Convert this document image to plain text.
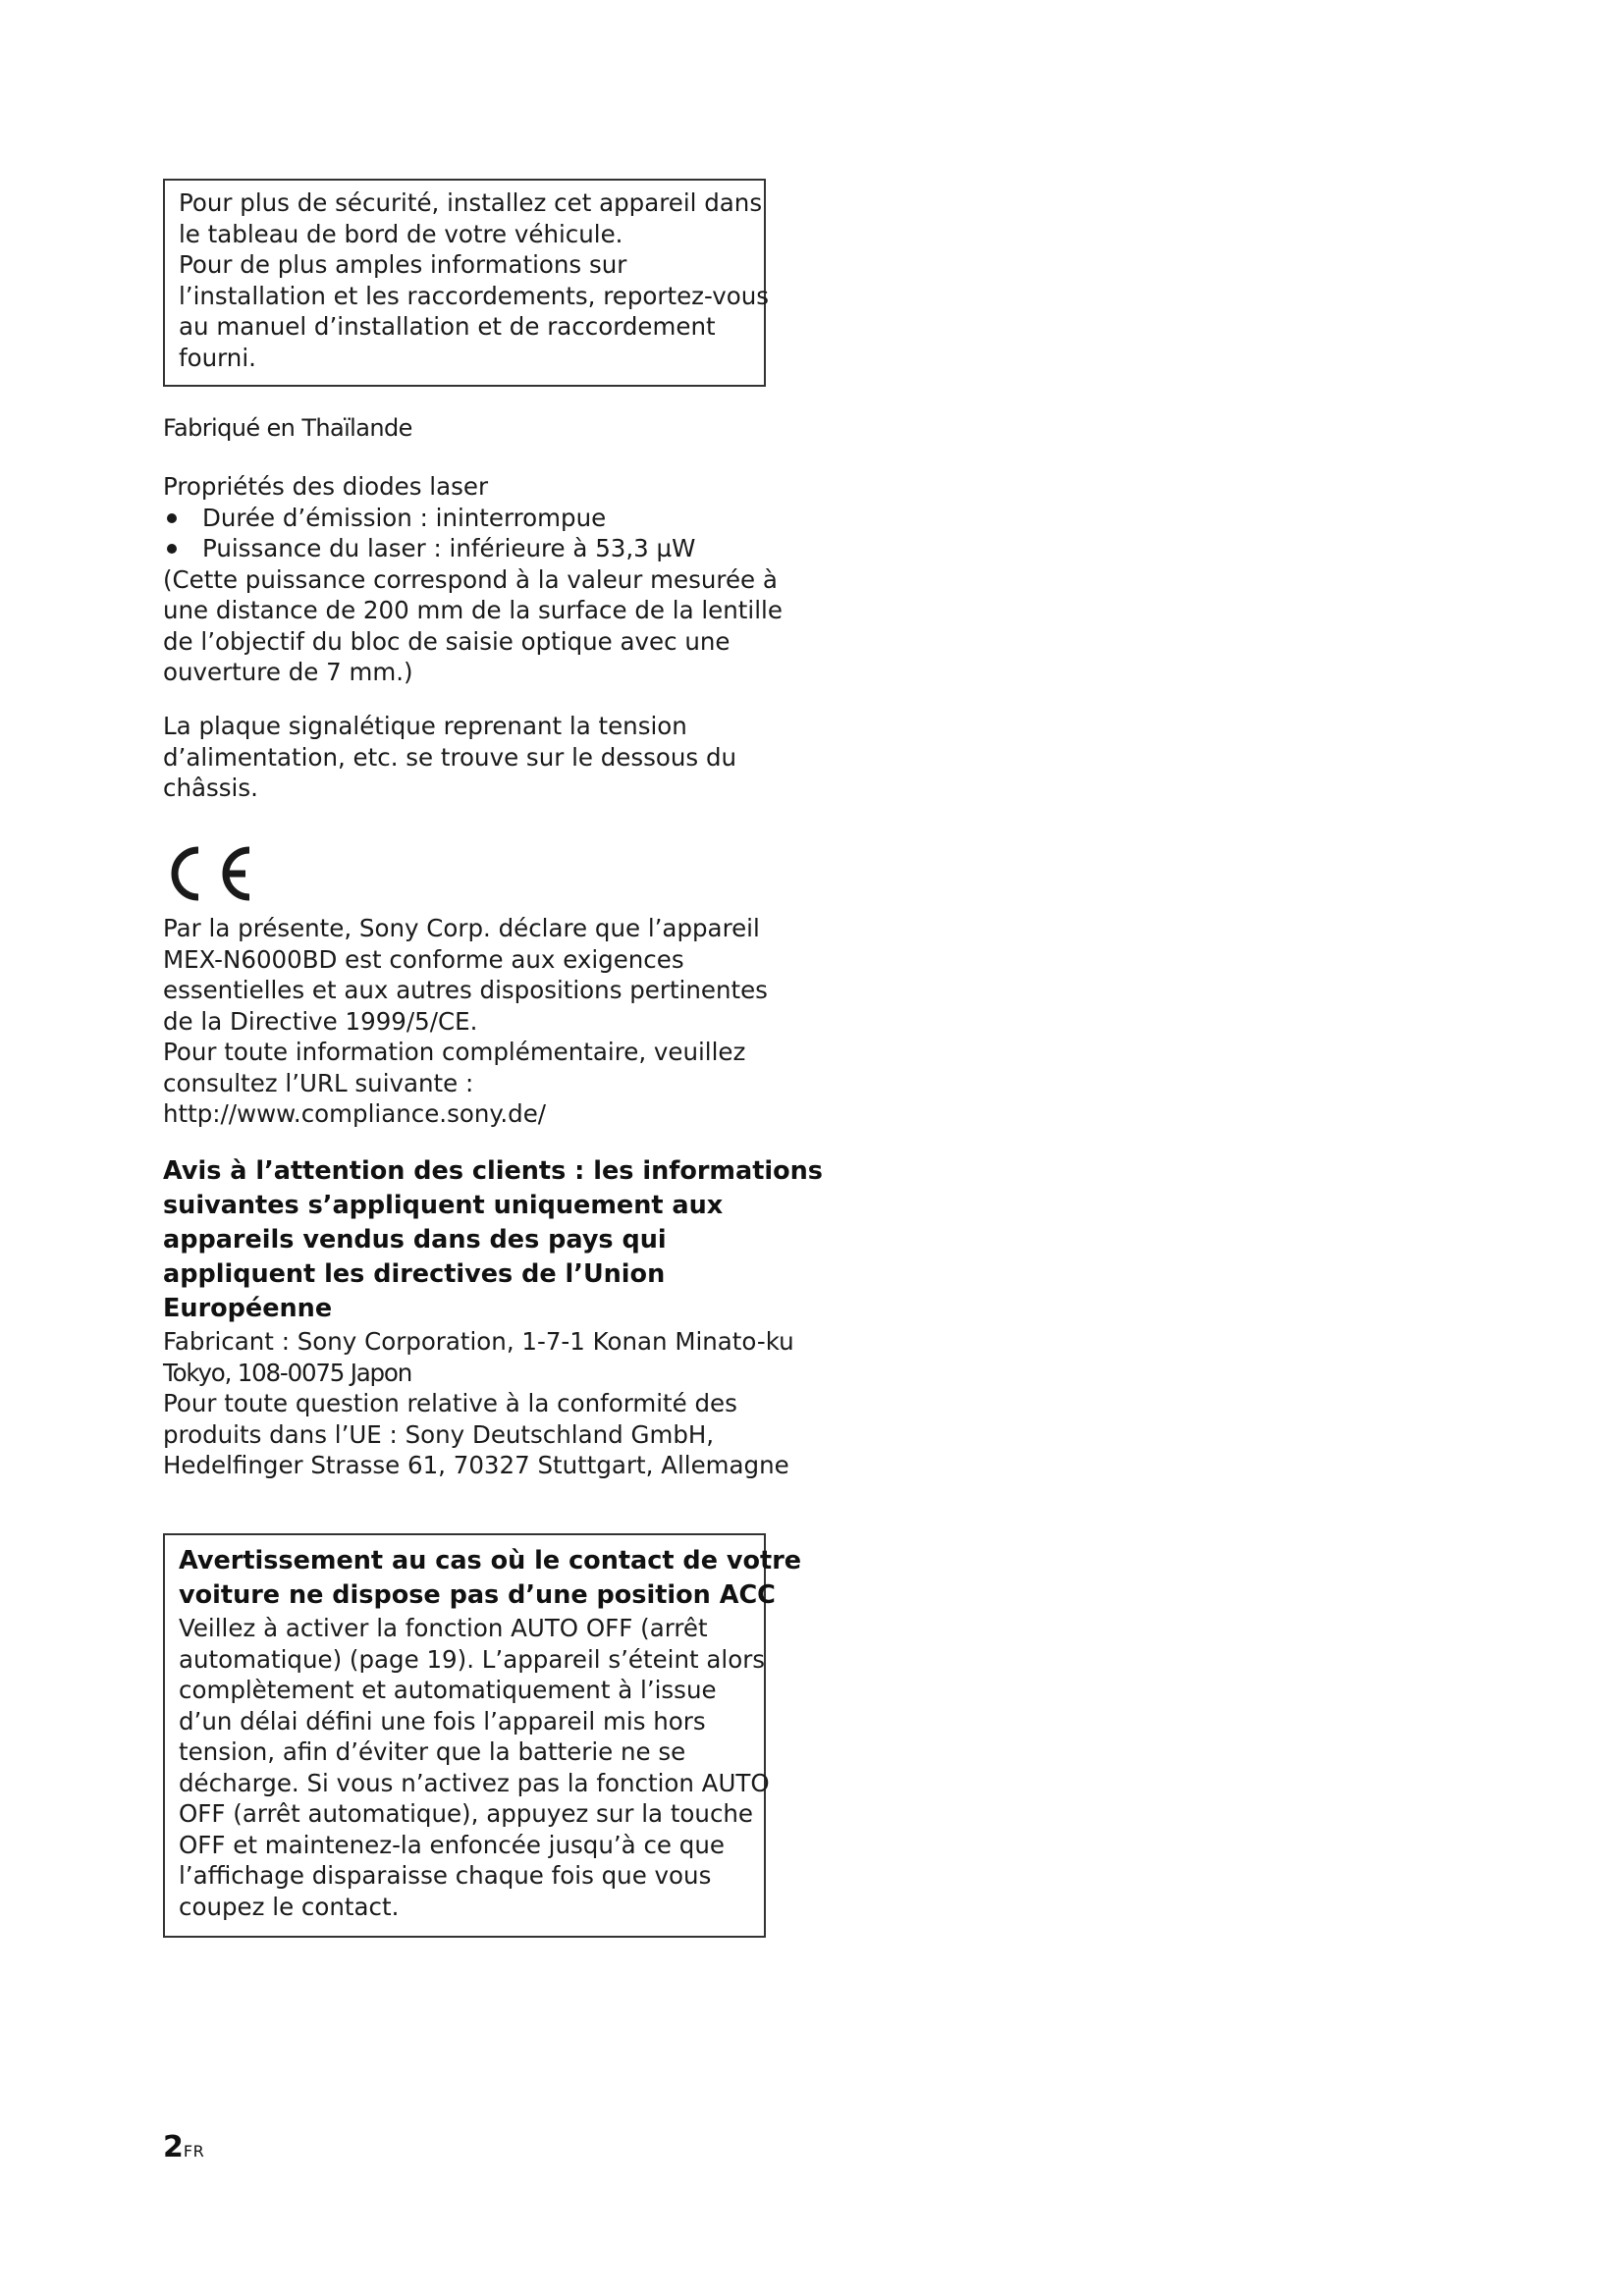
Pour plus de sécurité, installez cet appareil dans
le tableau de bord de votre véhicule.
Pour de plus amples informations sur
l’installation et les raccordements, reportez-vous
au manuel d’installation et de raccordement
fourni.

Fabriqué en Thaïlande

Propriétés des diodes laser
Durée d’émission : ininterrompue
Puissance du laser : inférieure à 53,3 µW
(Cette puissance correspond à la valeur mesurée à
une distance de 200 mm de la surface de la lentille
de l’objectif du bloc de saisie optique avec une
ouverture de 7 mm.)

La plaque signalétique reprenant la tension
d’alimentation, etc. se trouve sur le dessous du
châssis.

Par la présente, Sony Corp. déclare que l’appareil
MEX-N6000BD est conforme aux exigences
essentielles et aux autres dispositions pertinentes
de la Directive 1999/5/CE.
Pour toute information complémentaire, veuillez
consultez l’URL suivante :
http://www.compliance.sony.de/

Avis à l’attention des clients : les informations
suivantes s’appliquent uniquement aux
appareils vendus dans des pays qui
appliquent les directives de l’Union
Européenne

Fabricant : Sony Corporation, 1-7-1 Konan Minato-ku
Tokyo, 108-0075 Japon
Pour toute question relative à la conformité des
produits dans l’UE : Sony Deutschland GmbH,
Hedelfinger Strasse 61, 70327 Stuttgart, Allemagne

Avertissement au cas où le contact de votre
voiture ne dispose pas d’une position ACC

Veillez à activer la fonction AUTO OFF (arrêt
automatique) (page 19). L’appareil s’éteint alors
complètement et automatiquement à l’issue
d’un délai défini une fois l’appareil mis hors
tension, afin d’éviter que la batterie ne se
décharge. Si vous n’activez pas la fonction AUTO
OFF (arrêt automatique), appuyez sur la touche
OFF et maintenez-la enfoncée jusqu’à ce que
l’affichage disparaisse chaque fois que vous
coupez le contact.

2FR
